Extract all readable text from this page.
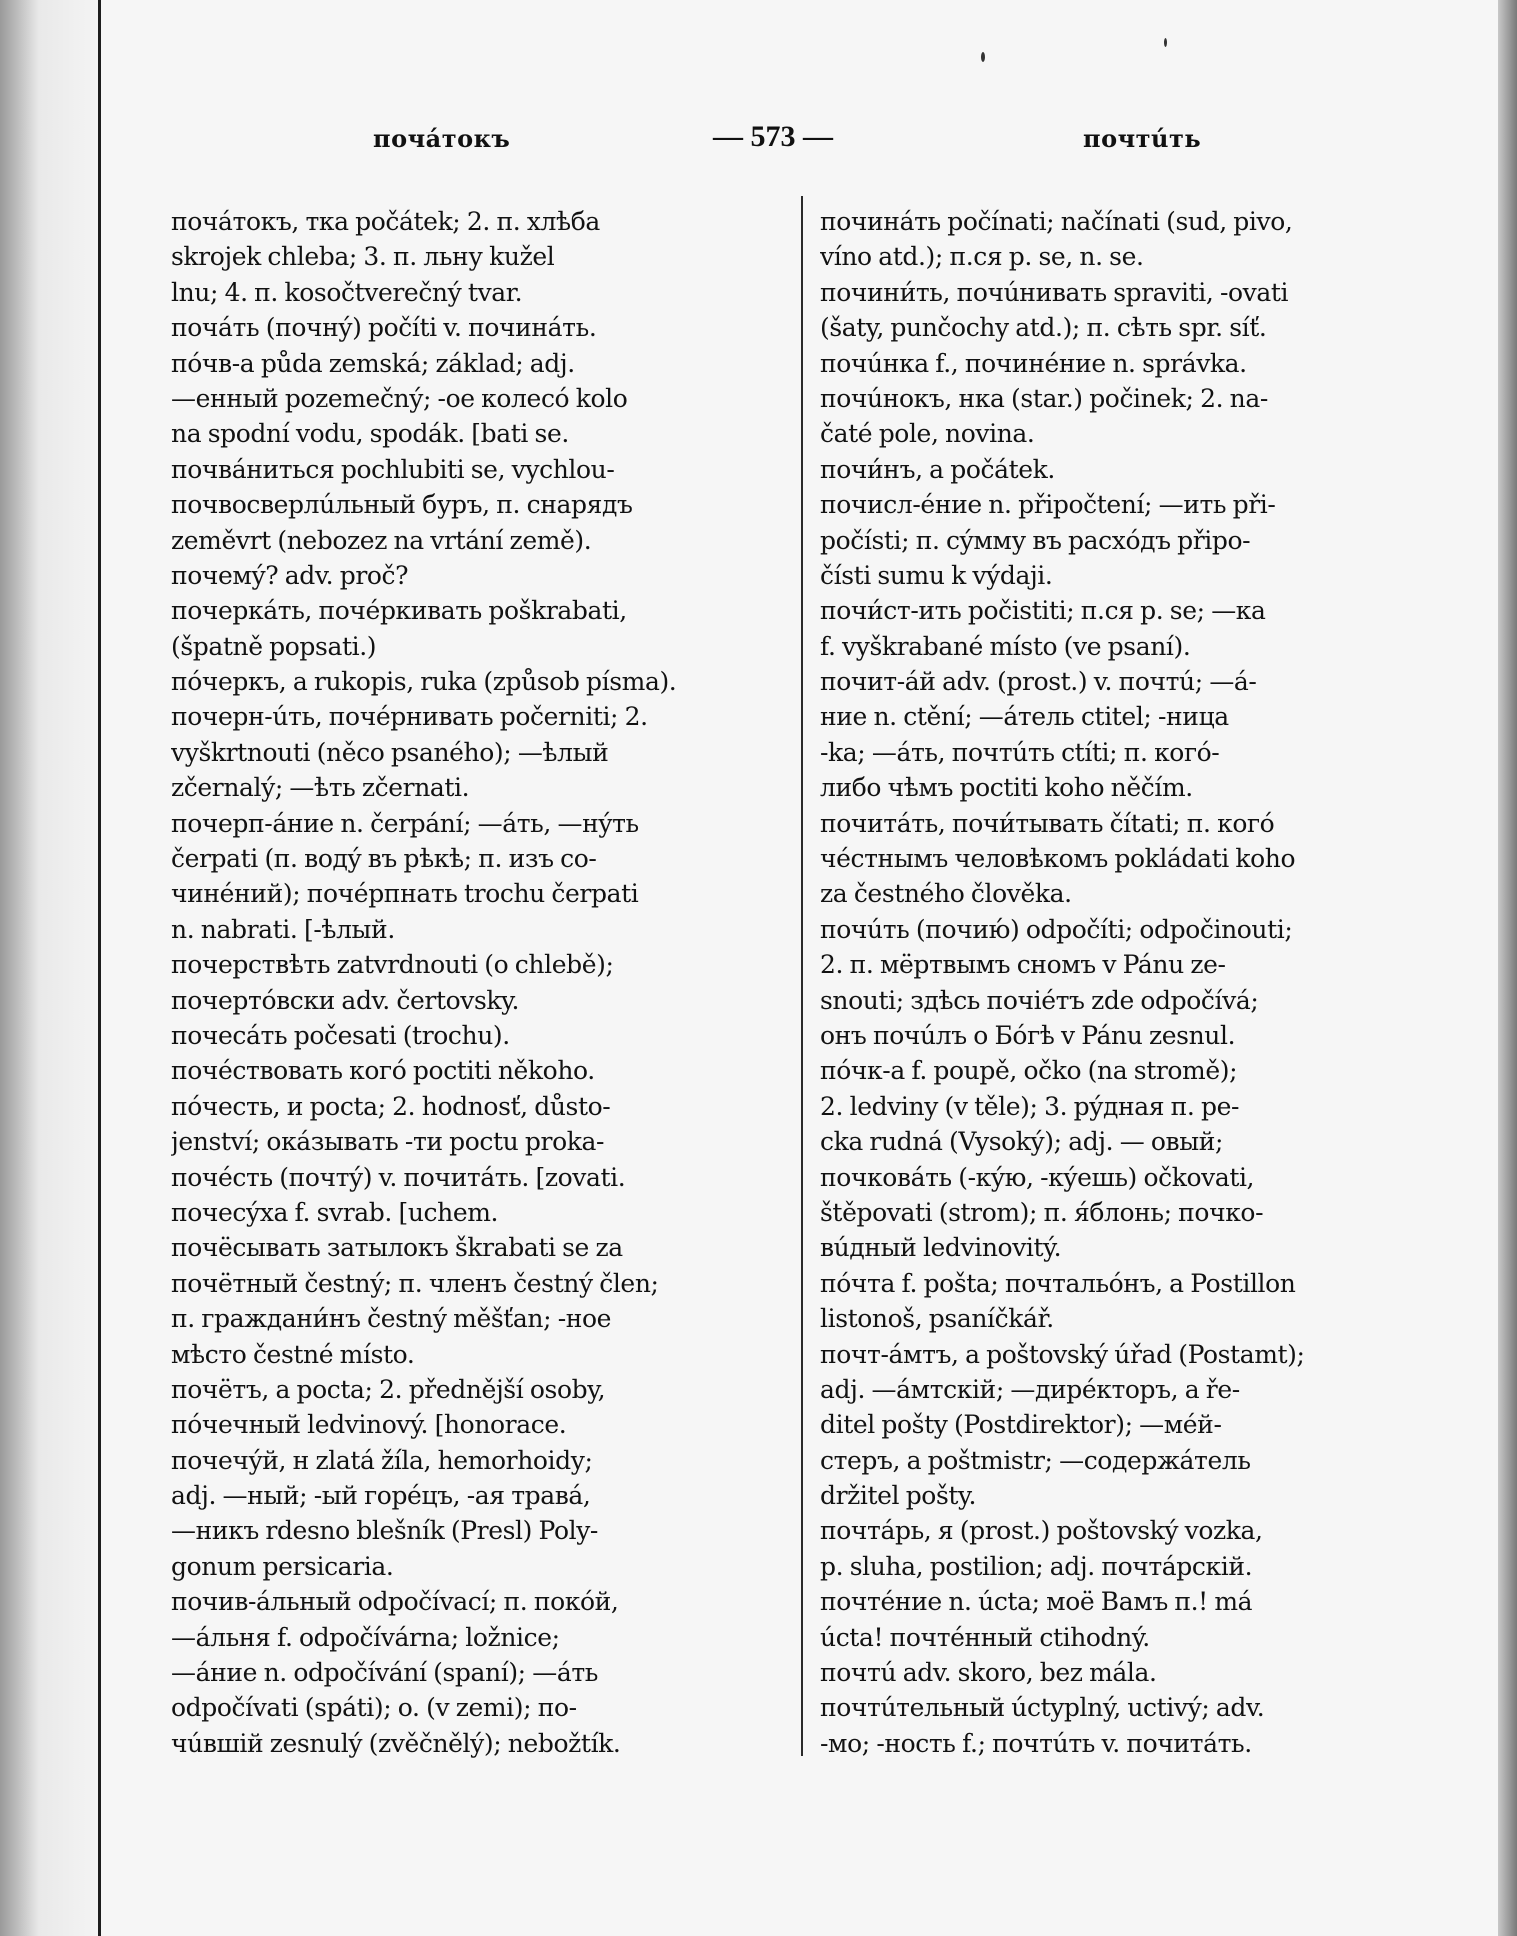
почáтокъ	— 573 —	почтúть
почáтокъ, тка počátek; 2. п. хлѣба
skrojek chleba; 3. п. льну kužel
lnu; 4. п. kosočtverečný tvar.
почáть (почнý) počíti v. починáть.
пóчв-а půda zemská; základ; adj.
—енный pozemečný; -ое колесó kolo
na spodní vodu, spodák. [bati se.
почвáниться pochlubiti se, vychlou-
почвосверлúльный буръ, п. снарядъ
zeměvrt (nebozez na vrtání země).
почемý? adv. proč?
почеркáть, почéркивать poškrabati,
(špatně popsati.)
пóчеркъ, a rukopis, ruka (způsob písma).
почерн-úть, почéрнивать počerniti; 2.
vyškrtnouti (něco psaného); —ѣлый
zčernalý; —ѣть zčernati.
почерп-áние n. čerpání; —áть, —нýть
čerpati (п. водý въ рѣкѣ; п. изъ со-
чинéний); почéрпнать trochu čerpati
n. nabrati. [-ѣлый.
почерствѣть zatvrdnouti (o chlebě);
почертóвски adv. čertovsky.
почесáть počesati (trochu).
почéствовать когó poctiti někoho.
пóчесть, и pocta; 2. hodnosť, důsto-
jenství; окáзывать -ти poctu proka-
почéсть (почтý) v. почитáть. [zovati.
почесýха f. svrab. [uchem.
почёсывать затылокъ škrabati se za
почётный čestný; п. членъ čestný člen;
п. граждани́нъ čestný měšťan; -ное
мѣсто čestné místo.
почётъ, a pocta; 2. přednější osoby,
пóчечный ledvinový. [honorace.
почечýй, н zlatá žíla, hemorhoidy;
adj. —ный; -ый горéцъ, -ая травá,
—никъ rdesno blešník (Presl) Poly-
gonum persicaria.
почив-áльный odpočívací; п. покóй,
—áльня f. odpočívárna; ložnice;
—áние n. odpočívání (spaní); —áть
odpočívati (spáti); o. (v zemi); по-
чúвшій zesnulý (zvěčnělý); nebožtík.
починáть počínati; načínati (sud, pivo,
víno atd.); п.ся p. se, n. se.
почини́ть, почúнивать spraviti, -ovati
(šaty, punčochy atd.); п. сѣть spr. síť.
почúнка f., починéние n. správka.
почúнокъ, нка (star.) počinek; 2. na-
čaté pole, novina.
почи́нъ, a počátek.
почисл-éние n. připočtení; —ить při-
počísti; п. сýмму въ расхóдъ připo-
čísti sumu k výdaji.
почи́ст-ить počistiti; п.ся p. se; —ка
f. vyškrabané místo (ve psaní).
почит-áй adv. (prost.) v. почтú; —á-
ние n. ctění; —áтель ctitel; -ница
-ka; —áть, почтúть ctíti; п. когó-
либо чѣмъ poctiti koho něčím.
почитáть, почи́тывать čítati; п. когó
чéстнымъ человѣкомъ pokládati koho
za čestného člověka.
почúть (почию́) odpočíti; odpočinouti;
2. п. мёртвымъ сномъ v Pánu ze-
snouti; здѣсь почіéтъ zde odpočívá;
онъ почúлъ o Бóгѣ v Pánu zesnul.
пóчк-а f. poupě, očko (na stromě);
2. ledviny (v těle); 3. рýдная п. pe-
cka rudná (Vysoký); adj. — овый;
почковáть (-кýю, -кýешь) očkovati,
štěpovati (strom); п. я́блонь; почко-
вúдный ledvinovitý.
пóчта f. pošta; почтальóнъ, a Postillon
listonoš, psaníčkář.
почт-áмтъ, a poštovský úřad (Postamt);
adj. —áмтскій; —дирéкторъ, a ře-
ditel pošty (Postdirektor); —мéй-
стеръ, a poštmistr; —содержáтель
držitel pošty.
почтáрь, я (prost.) poštovský vozka,
p. sluha, postilion; adj. почтáрскій.
почтéние n. úcta; моё Вамъ п.! má
úcta! почтéнный ctihodný.
почтú adv. skoro, bez mála.
почтúтельный úctyplný, uctivý; adv.
-мо; -ность f.; почтúть v. почитáть.
